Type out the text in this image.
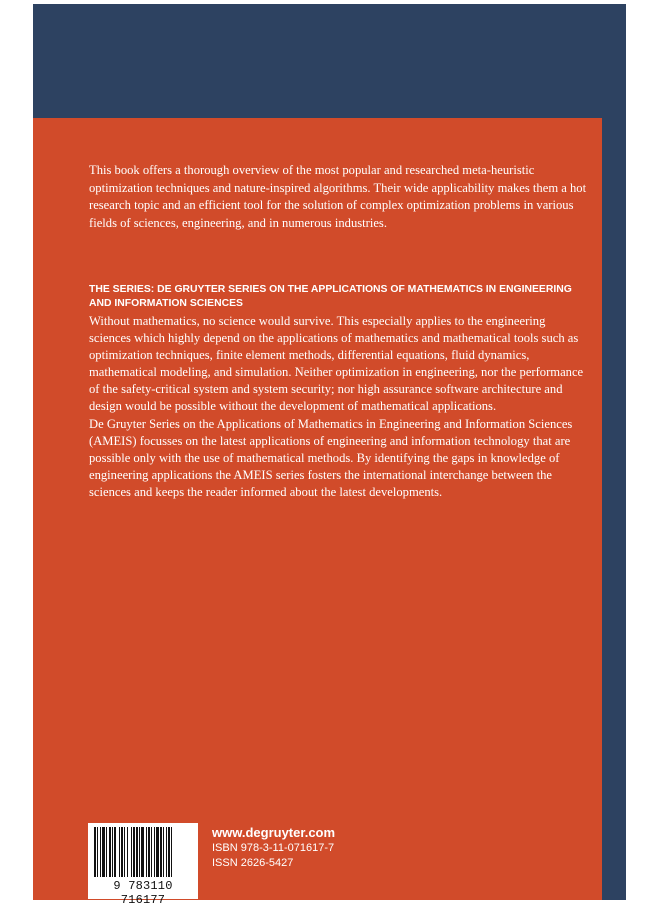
This book offers a thorough overview of the most popular and researched meta-heuristic optimization techniques and nature-inspired algorithms. Their wide applicability makes them a hot research topic and an efficient tool for the solution of complex optimization problems in various fields of sciences, engineering, and in numerous industries.
THE SERIES: DE GRUYTER SERIES ON THE APPLICATIONS OF MATHEMATICS IN ENGINEERING AND INFORMATION SCIENCES

Without mathematics, no science would survive. This especially applies to the engineering sciences which highly depend on the applications of mathematics and mathematical tools such as optimization techniques, finite element methods, differential equations, fluid dynamics, mathematical modeling, and simulation. Neither optimization in engineering, nor the performance of the safety-critical system and system security; nor high assurance software architecture and design would be possible without the development of mathematical applications.

De Gruyter Series on the Applications of Mathematics in Engineering and Information Sciences (AMEIS) focusses on the latest applications of engineering and information technology that are possible only with the use of mathematical methods. By identifying the gaps in knowledge of engineering applications the AMEIS series fosters the international interchange between the sciences and keeps the reader informed about the latest developments.

9 783110 716177
www.degruyter.com
ISBN 978-3-11-071617-7
ISSN 2626-5427
